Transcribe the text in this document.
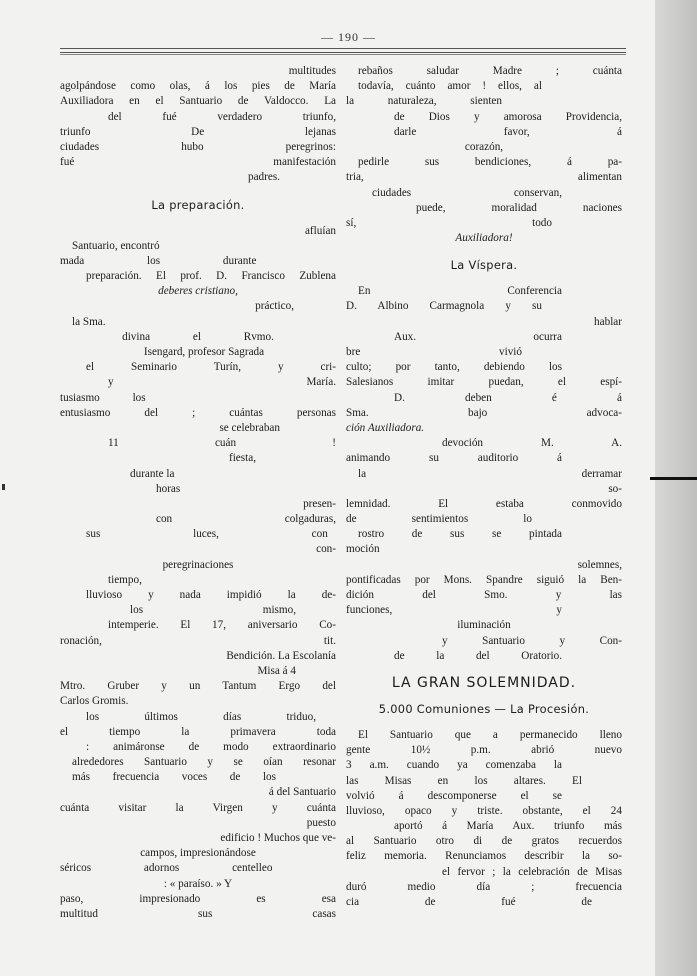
— 190 —
multitudes
agolpándose como olas, á los pies de María
Auxiliadora en el Santuario de Valdocco. La
del fué verdadero triunfo,
triunfo De lejanas
ciudades hubo peregrinos:
fué manifestación
padres.
La preparación.
afluían
Santuario, encontró
mada los durante
preparación. El prof. D. Francisco Zublena
deberes cristiano,
práctico,
la Sma.
divina el Rvmo.
Isengard, profesor Sagrada
el Seminario Turín, y cri-
y María.
tusiasmo los
entusiasmo del ; cuántas personas
se celebraban
11 cuán !
fiesta,
durante la
horas
presen-
con colgaduras,
sus luces, con
con-
peregrinaciones
tiempo,
lluvioso y nada impidió la de-
los mismo,
intemperie. El 17, aniversario Co-
ronación, tit.
Bendición. La Escolanía
Misa á 4
Mtro. Gruber y un Tantum Ergo del
Carlos Gromis.
los últimos días triduo,
el tiempo la primavera toda
: animáronse de modo extraordinario
alrededores Santuario y se oían resonar
más frecuencia voces de los
á del Santuario
cuánta visitar la Virgen y cuánta
puesto
edificio ! Muchos que ve-
campos, impresionándose
séricos adornos centelleo
: « paraíso. » Y
paso, impresionado es esa
multitud sus casas
rebaños saludar Madre ; cuánta
todavía, cuánto amor ! ellos, al
la naturaleza, sienten
de Dios y amorosa Providencia,
darle favor, á
corazón,
pedirle sus bendiciones, á pa-
tria, alimentan
ciudades conservan,
puede, moralidad naciones
sí, todo
Auxiliadora!
La Víspera.
En Conferencia
D. Albino Carmagnola y su
hablar
Aux. ocurra
bre vivió
culto; por tanto, debiendo los
Salesianos imitar puedan, el espí-
D. deben é á
Sma. bajo advoca-
ción Auxiliadora.
devoción M. A.
animando su auditorio á
la derramar
so-
lemnidad. El estaba conmovido
de sentimientos lo
rostro de sus se pintada
moción
solemnes,
pontificadas por Mons. Spandre siguió la Ben-
dición del Smo. y las
funciones, y
iluminación
y Santuario y Con-
de la del Oratorio.
LA GRAN SOLEMNIDAD.
5.000 Comuniones — La Procesión.
El Santuario que a permanecido lleno
gente 10½ p.m. abrió nuevo
3 a.m. cuando ya comenzaba la
las Misas en los altares. El
volvió á descomponerse el se
lluvioso, opaco y triste. obstante, el 24
aportó á María Aux. triunfo más
al Santuario otro di de gratos recuerdos
feliz memoria. Renunciamos describir la so-
el fervor ; la celebración de Misas
duró medio día ; frecuencia
cia de fué de
